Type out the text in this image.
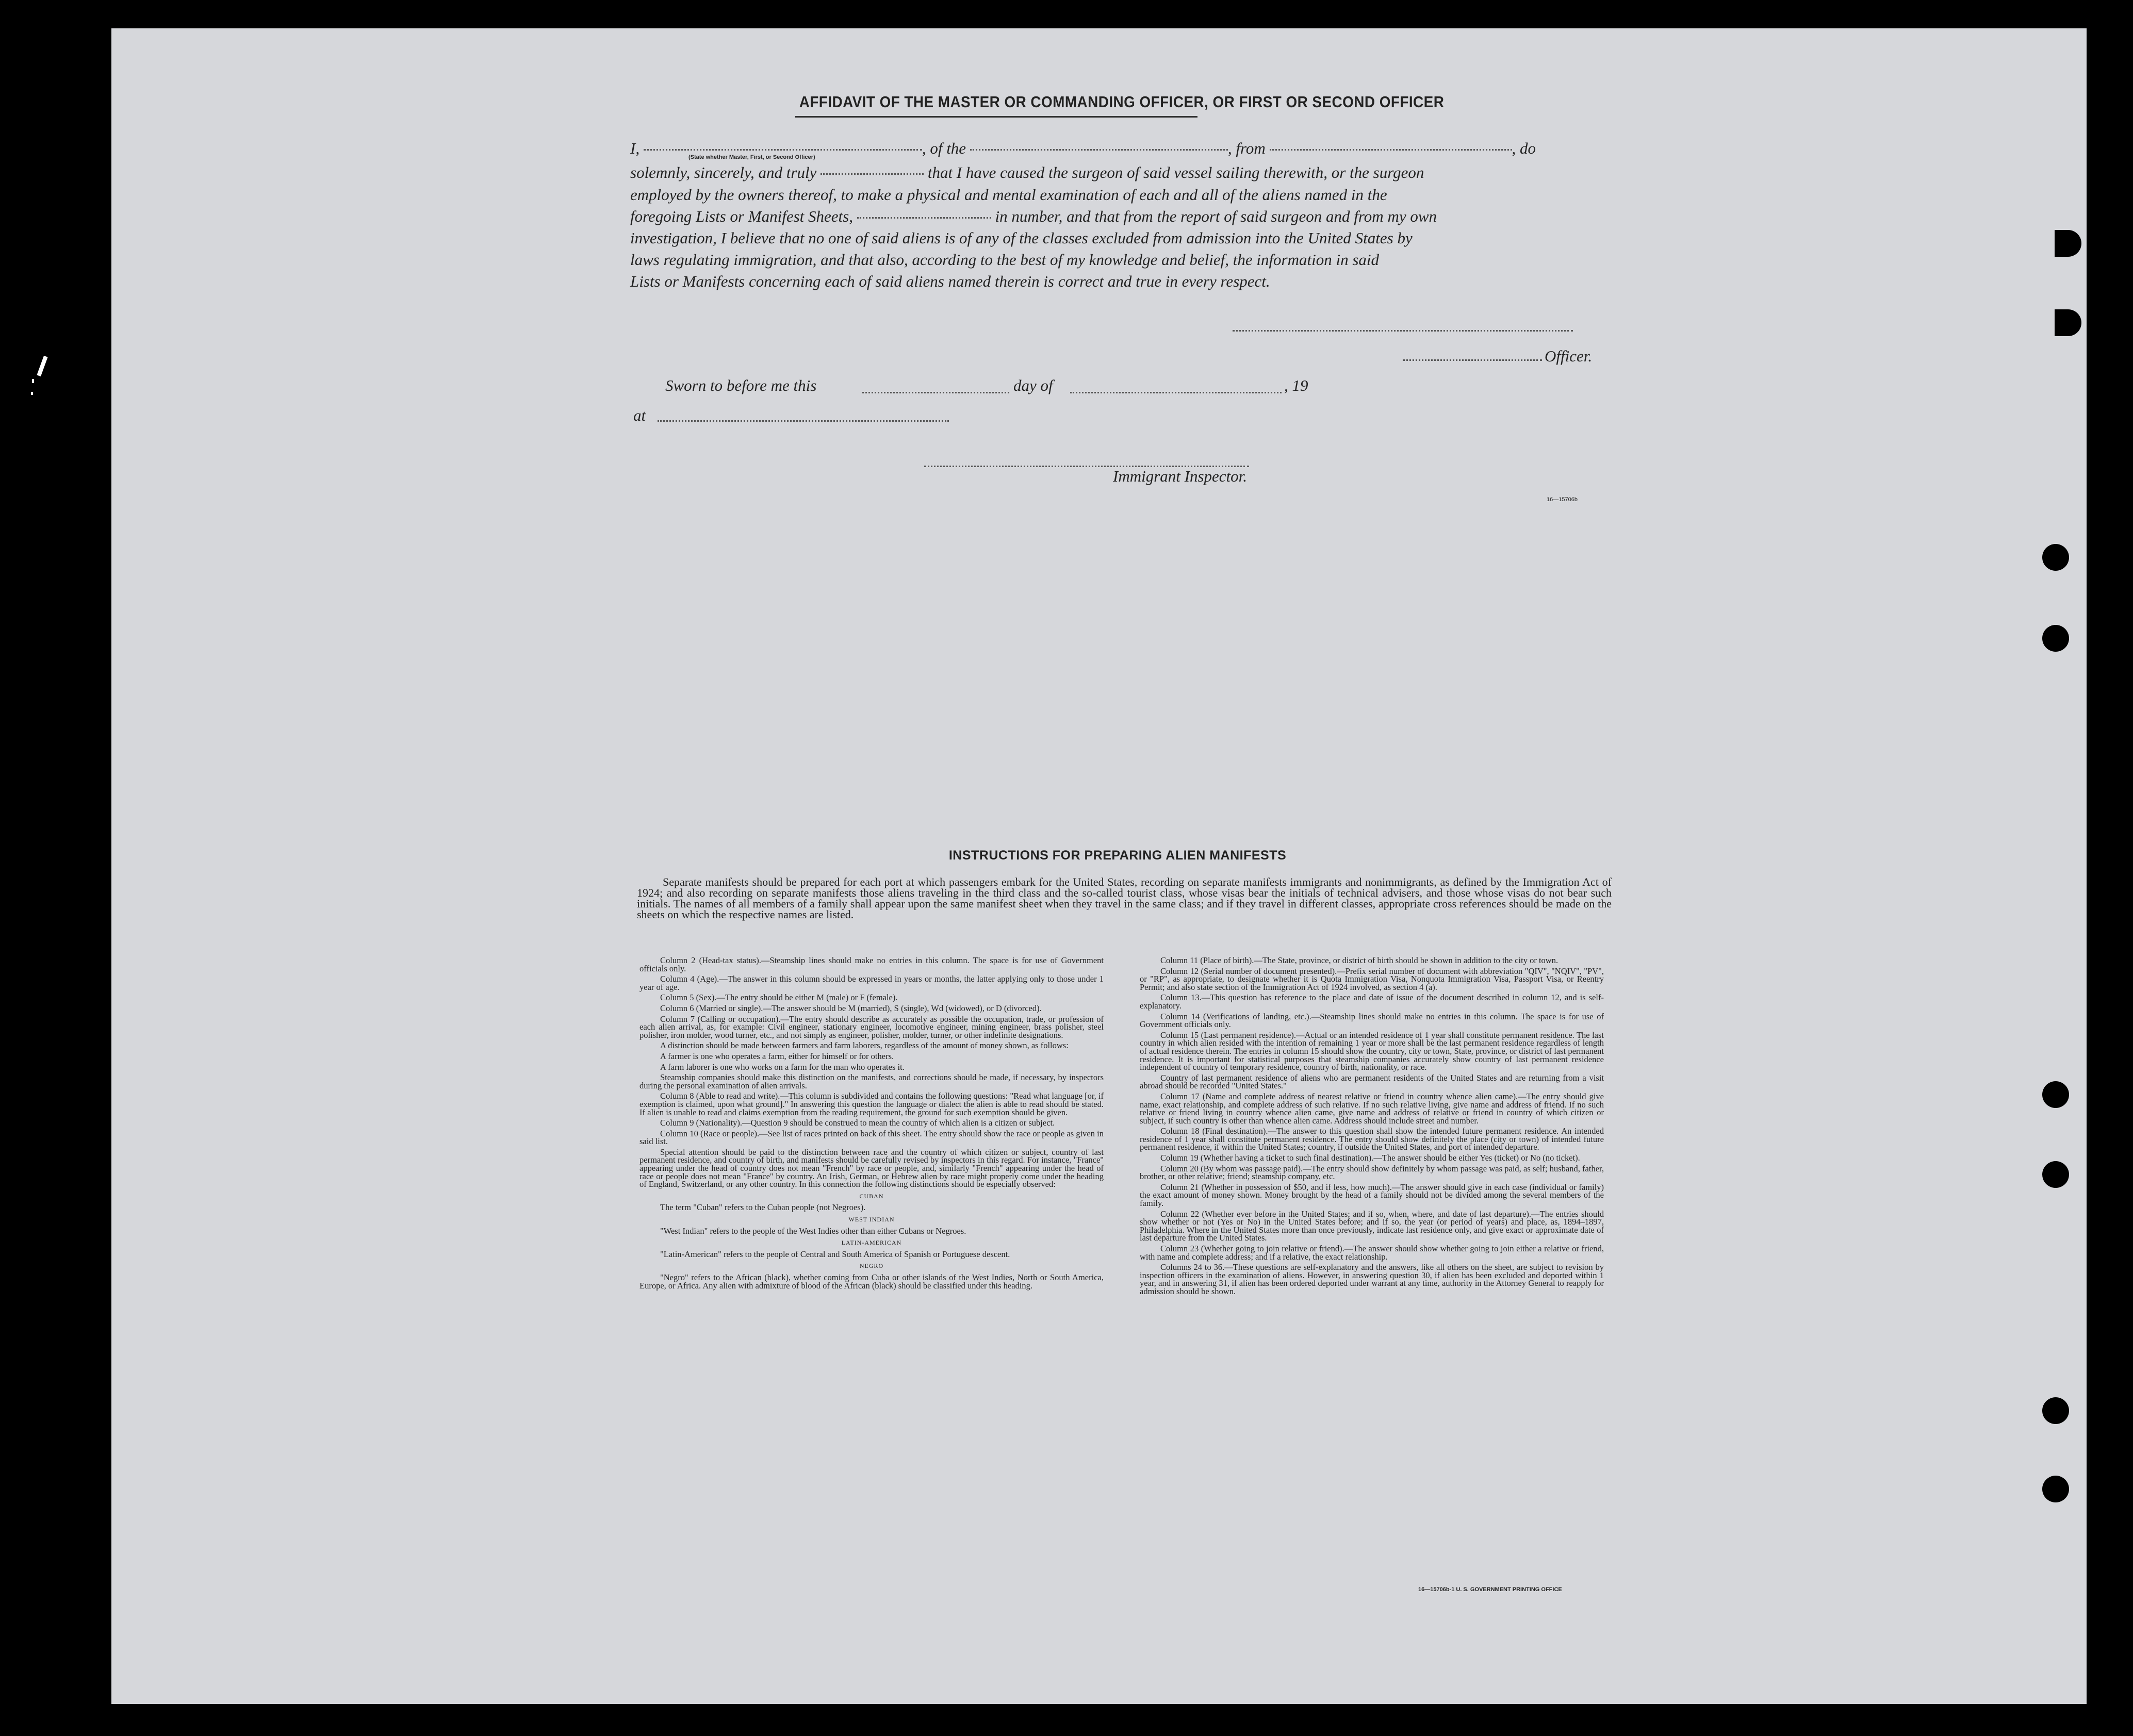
AFFIDAVIT OF THE MASTER OR COMMANDING OFFICER, OR FIRST OR SECOND OFFICER
I,	, of the	, from	, do
(State whether Master, First, or Second Officer)
solemnly, sincerely, and truly	that I have caused the surgeon of said vessel sailing therewith, or the surgeon
employed by the owners thereof, to make a physical and mental examination of each and all of the aliens named in the
foregoing Lists or Manifest Sheets,	in number, and that from the report of said surgeon and from my own
investigation, I believe that no one of said aliens is of any of the classes excluded from admission into the United States by
laws regulating immigration, and that also, according to the best of my knowledge and belief, the information in said
Lists or Manifests concerning each of said aliens named therein is correct and true in every respect.
Officer.
Sworn to before me this	day of	, 19
at
Immigrant Inspector.
16—15706b
INSTRUCTIONS FOR PREPARING ALIEN MANIFESTS
Separate manifests should be prepared for each port at which passengers embark for the United States, recording on separate manifests immigrants and nonimmigrants, as defined by the Immigration Act of 1924; and also recording on separate manifests those aliens traveling in the third class and the so-called tourist class, whose visas bear the initials of technical advisers, and those whose visas do not bear such initials. The names of all members of a family shall appear upon the same manifest sheet when they travel in the same class; and if they travel in different classes, appropriate cross references should be made on the sheets on which the respective names are listed.

Column 2 (Head-tax status).—Steamship lines should make no entries in this column. The space is for use of Government officials only.

Column 4 (Age).—The answer in this column should be expressed in years or months, the latter applying only to those under 1 year of age.

Column 5 (Sex).—The entry should be either M (male) or F (female).

Column 6 (Married or single).—The answer should be M (married), S (single), Wd (widowed), or D (divorced).

Column 7 (Calling or occupation).—The entry should describe as accurately as possible the occupation, trade, or profession of each alien arrival, as, for example: Civil engineer, stationary engineer, locomotive engineer, mining engineer, brass polisher, steel polisher, iron molder, wood turner, etc., and not simply as engineer, polisher, molder, turner, or other indefinite designations.

A distinction should be made between farmers and farm laborers, regardless of the amount of money shown, as follows:

A farmer is one who operates a farm, either for himself or for others.

A farm laborer is one who works on a farm for the man who operates it.

Steamship companies should make this distinction on the manifests, and corrections should be made, if necessary, by inspectors during the personal examination of alien arrivals.

Column 8 (Able to read and write).—This column is subdivided and contains the following questions: "Read what language [or, if exemption is claimed, upon what ground]." In answering this question the language or dialect the alien is able to read should be stated. If alien is unable to read and claims exemption from the reading requirement, the ground for such exemption should be given.

Column 9 (Nationality).—Question 9 should be construed to mean the country of which alien is a citizen or subject.

Column 10 (Race or people).—See list of races printed on back of this sheet. The entry should show the race or people as given in said list.

Special attention should be paid to the distinction between race and the country of which citizen or subject, country of last permanent residence, and country of birth, and manifests should be carefully revised by inspectors in this regard. For instance, "France" appearing under the head of country does not mean "French" by race or people, and, similarly "French" appearing under the head of race or people does not mean "France" by country. An Irish, German, or Hebrew alien by race might properly come under the heading of England, Switzerland, or any other country. In this connection the following distinctions should be especially observed:

CUBAN

The term "Cuban" refers to the Cuban people (not Negroes).

WEST INDIAN

"West Indian" refers to the people of the West Indies other than either Cubans or Negroes.

LATIN-AMERICAN

"Latin-American" refers to the people of Central and South America of Spanish or Portuguese descent.

NEGRO

"Negro" refers to the African (black), whether coming from Cuba or other islands of the West Indies, North or South America, Europe, or Africa. Any alien with admixture of blood of the African (black) should be classified under this heading.

Column 11 (Place of birth).—The State, province, or district of birth should be shown in addition to the city or town.

Column 12 (Serial number of document presented).—Prefix serial number of document with abbreviation "QIV", "NQIV", "PV", or "RP", as appropriate, to designate whether it is Quota Immigration Visa, Nonquota Immigration Visa, Passport Visa, or Reentry Permit; and also state section of the Immigration Act of 1924 involved, as section 4 (a).

Column 13.—This question has reference to the place and date of issue of the document described in column 12, and is self-explanatory.

Column 14 (Verifications of landing, etc.).—Steamship lines should make no entries in this column. The space is for use of Government officials only.

Column 15 (Last permanent residence).—Actual or an intended residence of 1 year shall constitute permanent residence. The last country in which alien resided with the intention of remaining 1 year or more shall be the last permanent residence regardless of length of actual residence therein. The entries in column 15 should show the country, city or town, State, province, or district of last permanent residence. It is important for statistical purposes that steamship companies accurately show country of last permanent residence independent of country of temporary residence, country of birth, nationality, or race.

Country of last permanent residence of aliens who are permanent residents of the United States and are returning from a visit abroad should be recorded "United States."

Column 17 (Name and complete address of nearest relative or friend in country whence alien came).—The entry should give name, exact relationship, and complete address of such relative. If no such relative living, give name and address of friend. If no such relative or friend living in country whence alien came, give name and address of relative or friend in country of which citizen or subject, if such country is other than whence alien came. Address should include street and number.

Column 18 (Final destination).—The answer to this question shall show the intended future permanent residence. An intended residence of 1 year shall constitute permanent residence. The entry should show definitely the place (city or town) of intended future permanent residence, if within the United States; country, if outside the United States, and port of intended departure.

Column 19 (Whether having a ticket to such final destination).—The answer should be either Yes (ticket) or No (no ticket).

Column 20 (By whom was passage paid).—The entry should show definitely by whom passage was paid, as self; husband, father, brother, or other relative; friend; steamship company, etc.

Column 21 (Whether in possession of $50, and if less, how much).—The answer should give in each case (individual or family) the exact amount of money shown. Money brought by the head of a family should not be divided among the several members of the family.

Column 22 (Whether ever before in the United States; and if so, when, where, and date of last departure).—The entries should show whether or not (Yes or No) in the United States before; and if so, the year (or period of years) and place, as, 1894–1897, Philadelphia. Where in the United States more than once previously, indicate last residence only, and give exact or approximate date of last departure from the United States.

Column 23 (Whether going to join relative or friend).—The answer should show whether going to join either a relative or friend, with name and complete address; and if a relative, the exact relationship.

Columns 24 to 36.—These questions are self-explanatory and the answers, like all others on the sheet, are subject to revision by inspection officers in the examination of aliens. However, in answering question 30, if alien has been excluded and deported within 1 year, and in answering 31, if alien has been ordered deported under warrant at any time, authority in the Attorney General to reapply for admission should be shown.

16—15706b-1 U. S. GOVERNMENT PRINTING OFFICE
